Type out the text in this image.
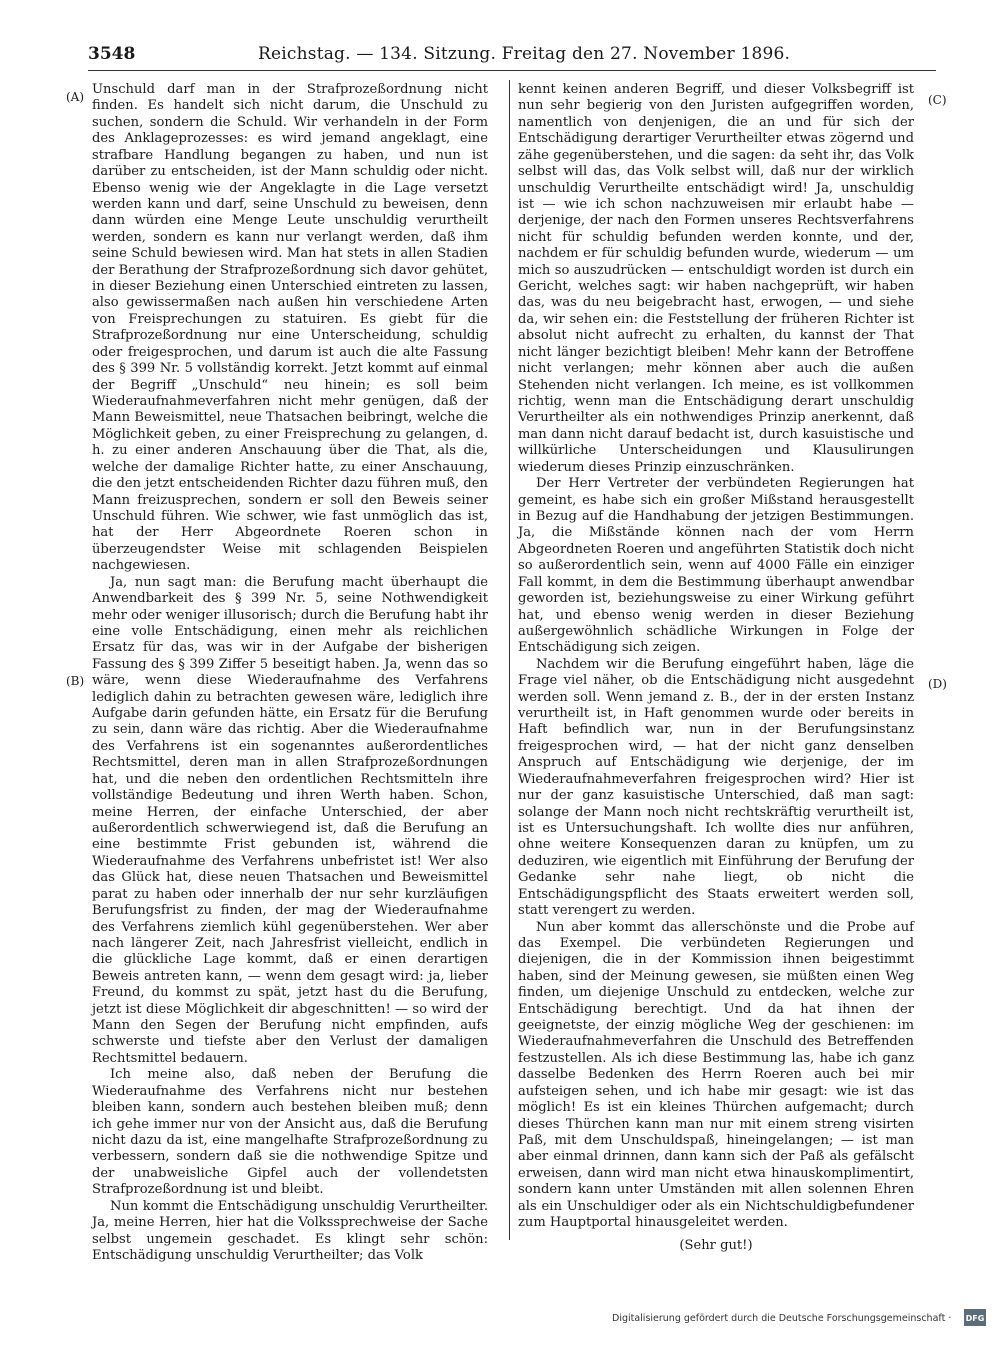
3548	Reichstag. — 134. Sitzung. Freitag den 27. November 1896.
(A)
(B)
(C)
(D)

Unschuld darf man in der Strafprozeßordnung nicht finden. Es handelt sich nicht darum, die Unschuld zu suchen, sondern die Schuld. Wir verhandeln in der Form des Anklageprozesses: es wird jemand angeklagt, eine strafbare Handlung begangen zu haben, und nun ist darüber zu entscheiden, ist der Mann schuldig oder nicht. Ebenso wenig wie der Angeklagte in die Lage versetzt werden kann und darf, seine Unschuld zu beweisen, denn dann würden eine Menge Leute unschuldig verurtheilt werden, sondern es kann nur verlangt werden, daß ihm seine Schuld bewiesen wird. Man hat stets in allen Stadien der Berathung der Strafprozeßordnung sich davor gehütet, in dieser Beziehung einen Unterschied eintreten zu lassen, also gewissermaßen nach außen hin verschiedene Arten von Freisprechungen zu statuiren. Es giebt für die Strafprozeßordnung nur eine Unterscheidung, schuldig oder freigesprochen, und darum ist auch die alte Fassung des § 399 Nr. 5 vollständig korrekt. Jetzt kommt auf einmal der Begriff „Unschuld“ neu hinein; es soll beim Wiederaufnahmeverfahren nicht mehr genügen, daß der Mann Beweismittel, neue Thatsachen beibringt, welche die Möglichkeit geben, zu einer Freisprechung zu gelangen, d. h. zu einer anderen Anschauung über die That, als die, welche der damalige Richter hatte, zu einer Anschauung, die den jetzt entscheidenden Richter dazu führen muß, den Mann freizusprechen, sondern er soll den Beweis seiner Unschuld führen. Wie schwer, wie fast unmöglich das ist, hat der Herr Abgeordnete Roeren schon in überzeugendster Weise mit schlagenden Beispielen nachgewiesen.

Ja, nun sagt man: die Berufung macht überhaupt die Anwendbarkeit des § 399 Nr. 5, seine Nothwendigkeit mehr oder weniger illusorisch; durch die Berufung habt ihr eine volle Entschädigung, einen mehr als reichlichen Ersatz für das, was wir in der Aufgabe der bisherigen Fassung des § 399 Ziffer 5 beseitigt haben. Ja, wenn das so wäre, wenn diese Wiederaufnahme des Verfahrens lediglich dahin zu betrachten gewesen wäre, lediglich ihre Aufgabe darin gefunden hätte, ein Ersatz für die Berufung zu sein, dann wäre das richtig. Aber die Wiederaufnahme des Verfahrens ist ein sogenanntes außerordentliches Rechtsmittel, deren man in allen Strafprozeßordnungen hat, und die neben den ordentlichen Rechtsmitteln ihre vollständige Bedeutung und ihren Werth haben. Schon, meine Herren, der einfache Unterschied, der aber außerordentlich schwerwiegend ist, daß die Berufung an eine bestimmte Frist gebunden ist, während die Wiederaufnahme des Verfahrens unbefristet ist! Wer also das Glück hat, diese neuen Thatsachen und Beweismittel parat zu haben oder innerhalb der nur sehr kurzläufigen Berufungsfrist zu finden, der mag der Wiederaufnahme des Verfahrens ziemlich kühl gegenüberstehen. Wer aber nach längerer Zeit, nach Jahresfrist vielleicht, endlich in die glückliche Lage kommt, daß er einen derartigen Beweis antreten kann, — wenn dem gesagt wird: ja, lieber Freund, du kommst zu spät, jetzt hast du die Berufung, jetzt ist diese Möglichkeit dir abgeschnitten! — so wird der Mann den Segen der Berufung nicht empfinden, aufs schwerste und tiefste aber den Verlust der damaligen Rechtsmittel bedauern.

Ich meine also, daß neben der Berufung die Wiederaufnahme des Verfahrens nicht nur bestehen bleiben kann, sondern auch bestehen bleiben muß; denn ich gehe immer nur von der Ansicht aus, daß die Berufung nicht dazu da ist, eine mangelhafte Strafprozeßordnung zu verbessern, sondern daß sie die nothwendige Spitze und der unabweisliche Gipfel auch der vollendetsten Strafprozeßordnung ist und bleibt.

Nun kommt die Entschädigung unschuldig Verurtheilter. Ja, meine Herren, hier hat die Volkssprechweise der Sache selbst ungemein geschadet. Es klingt sehr schön: Entschädigung unschuldig Verurtheilter; das Volk

kennt keinen anderen Begriff, und dieser Volksbegriff ist nun sehr begierig von den Juristen aufgegriffen worden, namentlich von denjenigen, die an und für sich der Entschädigung derartiger Verurtheilter etwas zögernd und zähe gegenüberstehen, und die sagen: da seht ihr, das Volk selbst will das, das Volk selbst will, daß nur der wirklich unschuldig Verurtheilte entschädigt wird! Ja, unschuldig ist — wie ich schon nachzuweisen mir erlaubt habe — derjenige, der nach den Formen unseres Rechtsverfahrens nicht für schuldig befunden werden konnte, und der, nachdem er für schuldig befunden wurde, wiederum — um mich so auszudrücken — entschuldigt worden ist durch ein Gericht, welches sagt: wir haben nachgeprüft, wir haben das, was du neu beigebracht hast, erwogen, — und siehe da, wir sehen ein: die Feststellung der früheren Richter ist absolut nicht aufrecht zu erhalten, du kannst der That nicht länger bezichtigt bleiben! Mehr kann der Betroffene nicht verlangen; mehr können aber auch die außen Stehenden nicht verlangen. Ich meine, es ist vollkommen richtig, wenn man die Entschädigung derart unschuldig Verurtheilter als ein nothwendiges Prinzip anerkennt, daß man dann nicht darauf bedacht ist, durch kasuistische und willkürliche Unterscheidungen und Klausulirungen wiederum dieses Prinzip einzuschränken.

Der Herr Vertreter der verbündeten Regierungen hat gemeint, es habe sich ein großer Mißstand herausgestellt in Bezug auf die Handhabung der jetzigen Bestimmungen. Ja, die Mißstände können nach der vom Herrn Abgeordneten Roeren und angeführten Statistik doch nicht so außerordentlich sein, wenn auf 4000 Fälle ein einziger Fall kommt, in dem die Bestimmung überhaupt anwendbar geworden ist, beziehungsweise zu einer Wirkung geführt hat, und ebenso wenig werden in dieser Beziehung außergewöhnlich schädliche Wirkungen in Folge der Entschädigung sich zeigen.

Nachdem wir die Berufung eingeführt haben, läge die Frage viel näher, ob die Entschädigung nicht ausgedehnt werden soll. Wenn jemand z. B., der in der ersten Instanz verurtheilt ist, in Haft genommen wurde oder bereits in Haft befindlich war, nun in der Berufungsinstanz freigesprochen wird, — hat der nicht ganz denselben Anspruch auf Entschädigung wie derjenige, der im Wiederaufnahmeverfahren freigesprochen wird? Hier ist nur der ganz kasuistische Unterschied, daß man sagt: solange der Mann noch nicht rechtskräftig verurtheilt ist, ist es Untersuchungshaft. Ich wollte dies nur anführen, ohne weitere Konsequenzen daran zu knüpfen, um zu deduziren, wie eigentlich mit Einführung der Berufung der Gedanke sehr nahe liegt, ob nicht die Entschädigungspflicht des Staats erweitert werden soll, statt verengert zu werden.

Nun aber kommt das allerschönste und die Probe auf das Exempel. Die verbündeten Regierungen und diejenigen, die in der Kommission ihnen beigestimmt haben, sind der Meinung gewesen, sie müßten einen Weg finden, um diejenige Unschuld zu entdecken, welche zur Entschädigung berechtigt. Und da hat ihnen der geeignetste, der einzig mögliche Weg der geschienen: im Wiederaufnahmeverfahren die Unschuld des Betreffenden festzustellen. Als ich diese Bestimmung las, habe ich ganz dasselbe Bedenken des Herrn Roeren auch bei mir aufsteigen sehen, und ich habe mir gesagt: wie ist das möglich! Es ist ein kleines Thürchen aufgemacht; durch dieses Thürchen kann man nur mit einem streng visirten Paß, mit dem Unschuldspaß, hineingelangen; — ist man aber einmal drinnen, dann kann sich der Paß als gefälscht erweisen, dann wird man nicht etwa hinauskomplimentirt, sondern kann unter Umständen mit allen solennen Ehren als ein Unschuldiger oder als ein Nichtschuldigbefundener zum Hauptportal hinausgeleitet werden.

(Sehr gut!)

Digitalisierung gefördert durch die Deutsche Forschungsgemeinschaft · DFG
